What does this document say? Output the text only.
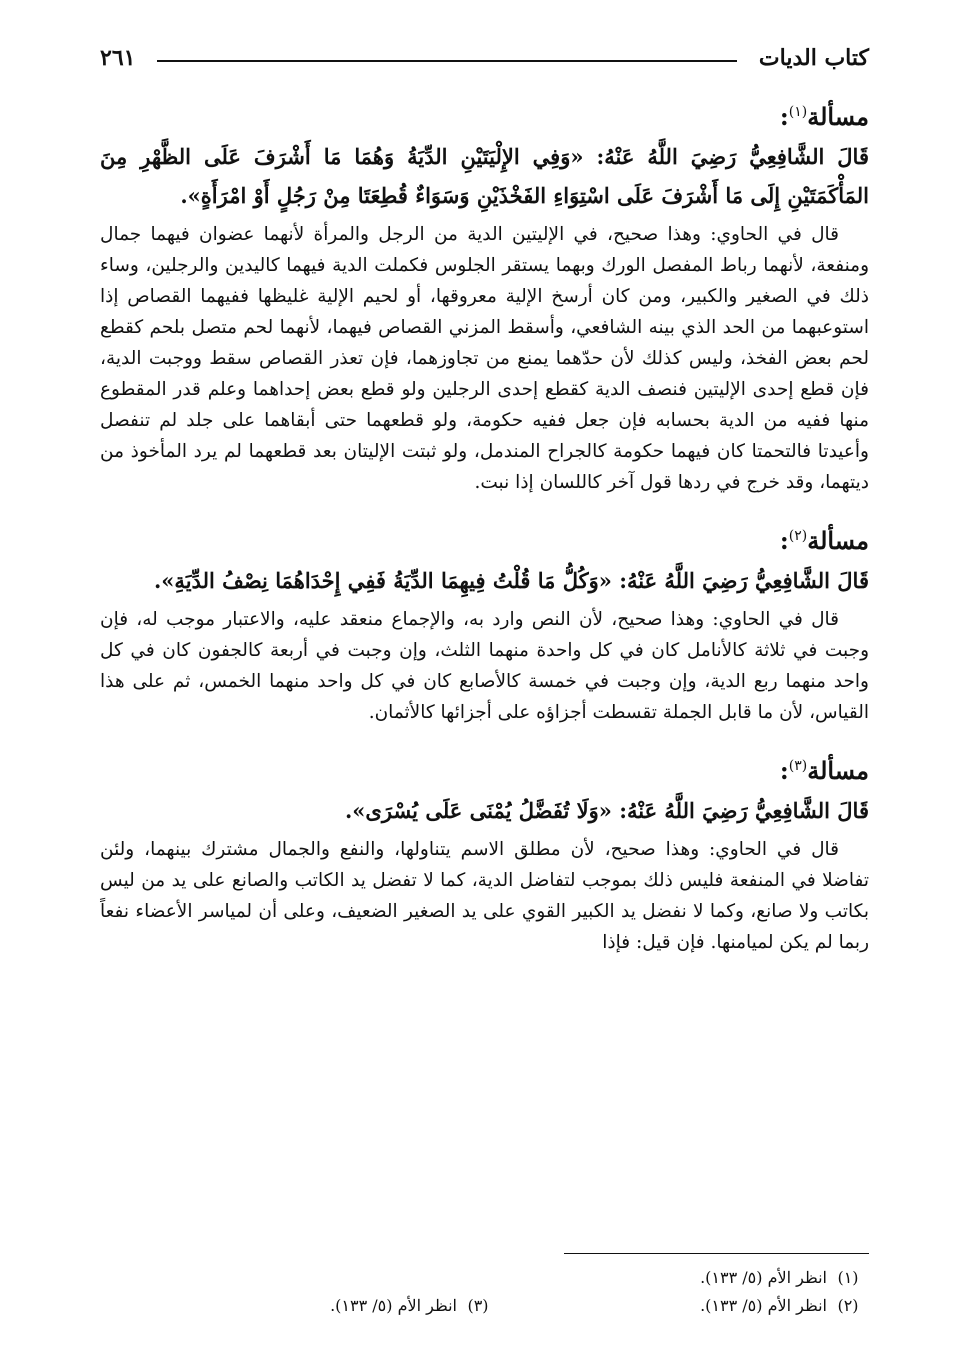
كتاب الديات
٢٦١
مسألة$^{(١)}$:

قَالَ الشَّافِعِيُّ رَضِيَ اللَّهُ عَنْهُ: «وَفِي الإِلْيَتَيْنِ الدِّيَةُ وَهُمَا مَا أَشْرَفَ عَلَى الظَّهْرِ مِنَ المَأْكَمَتَيْنِ إِلَى مَا أَشْرَفَ عَلَى اسْتِوَاءِ الفَخْذَيْنِ وَسَوَاءٌ قُطِعَتَا مِنْ رَجُلٍ أَوْ امْرَأَةٍ».

قال في الحاوي: وهذا صحيح، في الإليتين الدية من الرجل والمرأة لأنهما عضوان فيهما جمال ومنفعة، لأنهما رباط المفصل الورك وبهما يستقر الجلوس فكملت الدية فيهما كاليدين والرجلين، وساء ذلك في الصغير والكبير، ومن كان أرسخ الإلية معروقها، أو لحيم الإلية غليظها ففيهما القصاص إذا استوعبهما من الحد الذي بينه الشافعي، وأسقط المزني القصاص فيهما، لأنهما لحم متصل بلحم كقطع لحم بعض الفخذ، وليس كذلك لأن حدّهما يمنع من تجاوزهما، فإن تعذر القصاص سقط ووجبت الدية، فإن قطع إحدى الإليتين فنصف الدية كقطع إحدى الرجلين ولو قطع بعض إحداهما وعلم قدر المقطوع منها ففيه من الدية بحسابه فإن جعل ففيه حكومة، ولو قطعهما حتى أبقاهما على جلد لم تنفصل وأعيدتا فالتحمتا كان فيهما حكومة كالجراح المندمل، ولو ثبتت الإليتان بعد قطعهما لم يرد المأخوذ من ديتهما، وقد خرج في ردها قول آخر كاللسان إذا نبت.

مسألة$^{(٢)}$:

قَالَ الشَّافِعِيُّ رَضِيَ اللَّهُ عَنْهُ: «وَكُلُّ مَا قُلْتُ فِيهِمَا الدِّيَةُ فَفِي إِحْدَاهُمَا نِصْفُ الدِّيَةِ».

قال في الحاوي: وهذا صحيح، لأن النص وارد به، والإجماع منعقد عليه، والاعتبار موجب له، فإن وجبت في ثلاثة كالأنامل كان في كل واحدة منهما الثلث، وإن وجبت في أربعة كالجفون كان في كل واحد منهما ربع الدية، وإن وجبت في خمسة كالأصابع كان في كل واحد منهما الخمس، ثم على هذا القياس، لأن ما قابل الجملة تقسطت أجزاؤه على أجزائها كالأثمان.

مسألة$^{(٣)}$:

قَالَ الشَّافِعِيُّ رَضِيَ اللَّهُ عَنْهُ: «وَلَا تُفَضَّلُ يُمْنَى عَلَى يُسْرَى».

قال في الحاوي: وهذا صحيح، لأن مطلق الاسم يتناولها، والنفع والجمال مشترك بينهما، ولئن تفاضلا في المنفعة فليس ذلك بموجب لتفاضل الدية، كما لا تفضل يد الكاتب والصانع على يد من ليس بكاتب ولا صانع، وكما لا نفضل يد الكبير القوي على يد الصغير الضعيف، وعلى أن لمياسر الأعضاء نفعاً ربما لم يكن لميامنها. فإن قيل: فإذا

(١)
انظر الأم (٥/ ١٣٣).
(٢)
انظر الأم (٥/ ١٣٣).
(٣)
انظر الأم (٥/ ١٣٣).
